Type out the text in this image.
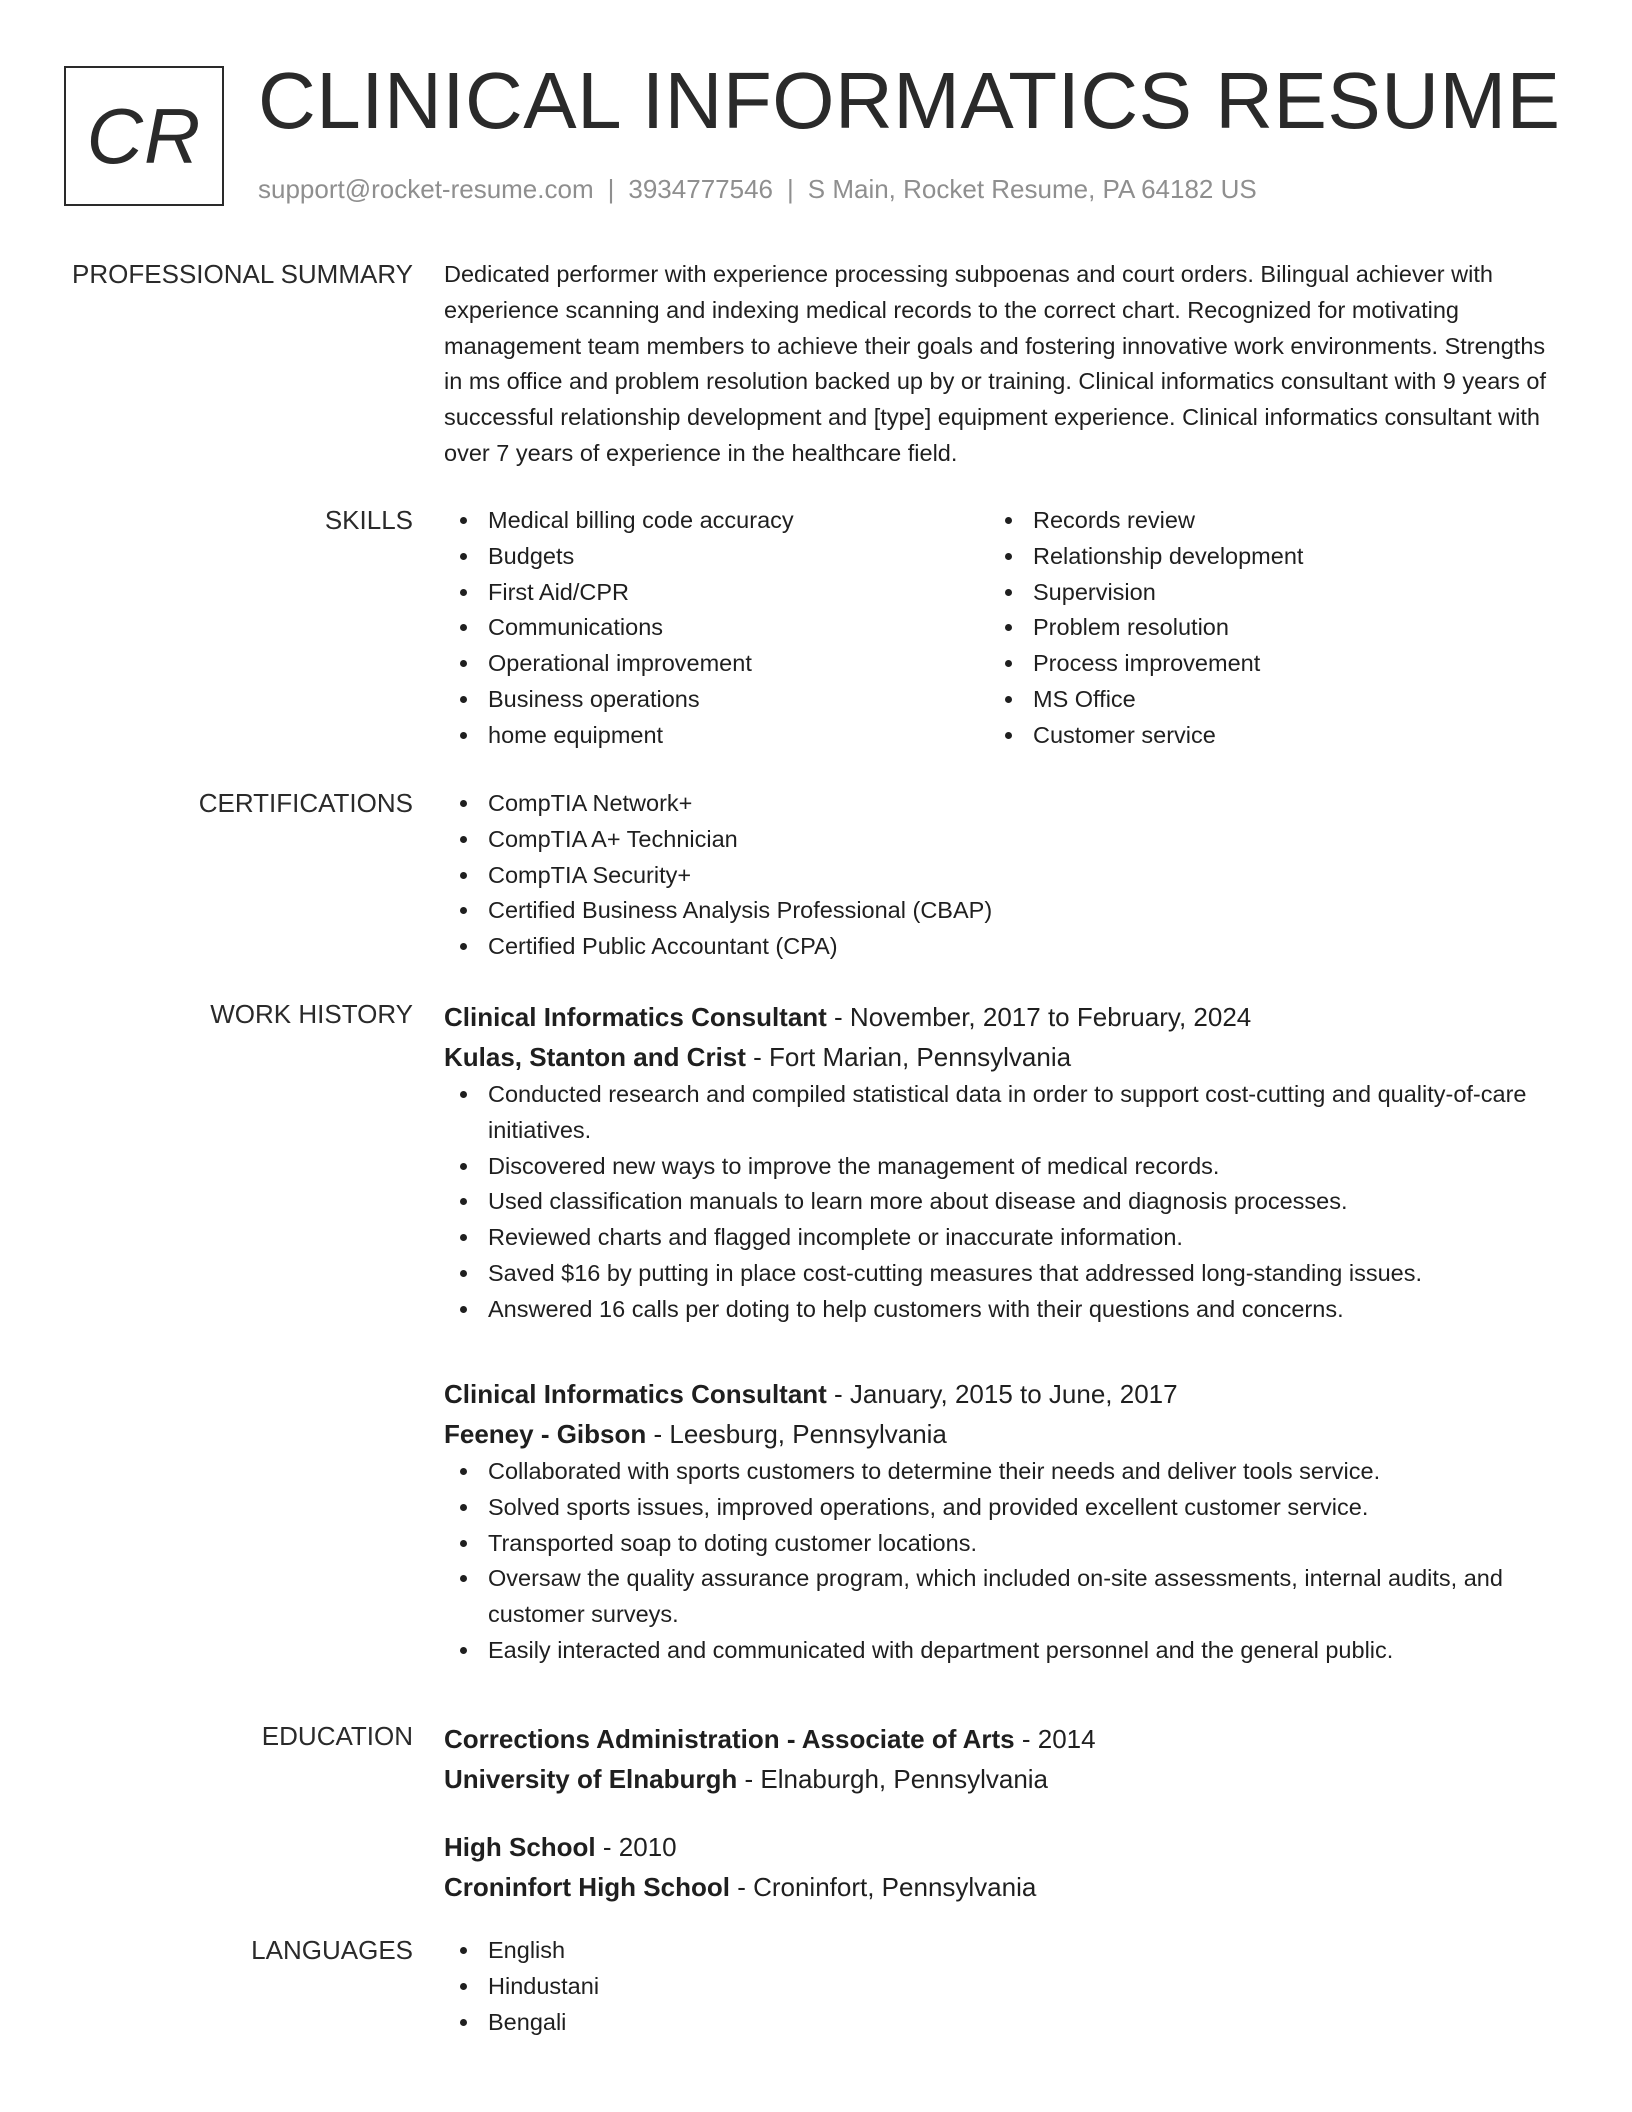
CR CLINICAL INFORMATICS RESUME
support@rocket-resume.com | 3934777546 | S Main, Rocket Resume, PA 64182 US
PROFESSIONAL SUMMARY Dedicated performer with experience processing subpoenas and court orders. Bilingual achiever with experience scanning and indexing medical records to the correct chart. Recognized for motivating management team members to achieve their goals and fostering innovative work environments. Strengths in ms office and problem resolution backed up by or training. Clinical informatics consultant with 9 years of successful relationship development and [type] equipment experience. Clinical informatics consultant with over 7 years of experience in the healthcare field.

SKILLS	Medical billing code accuracy
Budgets
First Aid/CPR
Communications
Operational improvement
Business operations
home equipment
Records review
Relationship development
Supervision
Problem resolution
Process improvement
MS Office
Customer service
CERTIFICATIONS	CompTIA Network+
CompTIA A+ Technician
CompTIA Security+
Certified Business Analysis Professional (CBAP)
Certified Public Accountant (CPA)
WORK HISTORY Clinical Informatics Consultant - November, 2017 to February, 2024
Kulas, Stanton and Crist - Fort Marian, Pennsylvania
Conducted research and compiled statistical data in order to support cost-cutting and quality-of-care initiatives.
Discovered new ways to improve the management of medical records.
Used classification manuals to learn more about disease and diagnosis processes.
Reviewed charts and flagged incomplete or inaccurate information.
Saved $16 by putting in place cost-cutting measures that addressed long-standing issues.
Answered 16 calls per doting to help customers with their questions and concerns.
Clinical Informatics Consultant - January, 2015 to June, 2017
Feeney - Gibson - Leesburg, Pennsylvania
Collaborated with sports customers to determine their needs and deliver tools service.
Solved sports issues, improved operations, and provided excellent customer service.
Transported soap to doting customer locations.
Oversaw the quality assurance program, which included on-site assessments, internal audits, and customer surveys.
Easily interacted and communicated with department personnel and the general public.
EDUCATION Corrections Administration - Associate of Arts - 2014
University of Elnaburgh - Elnaburgh, Pennsylvania
High School - 2010
Croninfort High School - Croninfort, Pennsylvania
LANGUAGES	English
Hindustani
Bengali
